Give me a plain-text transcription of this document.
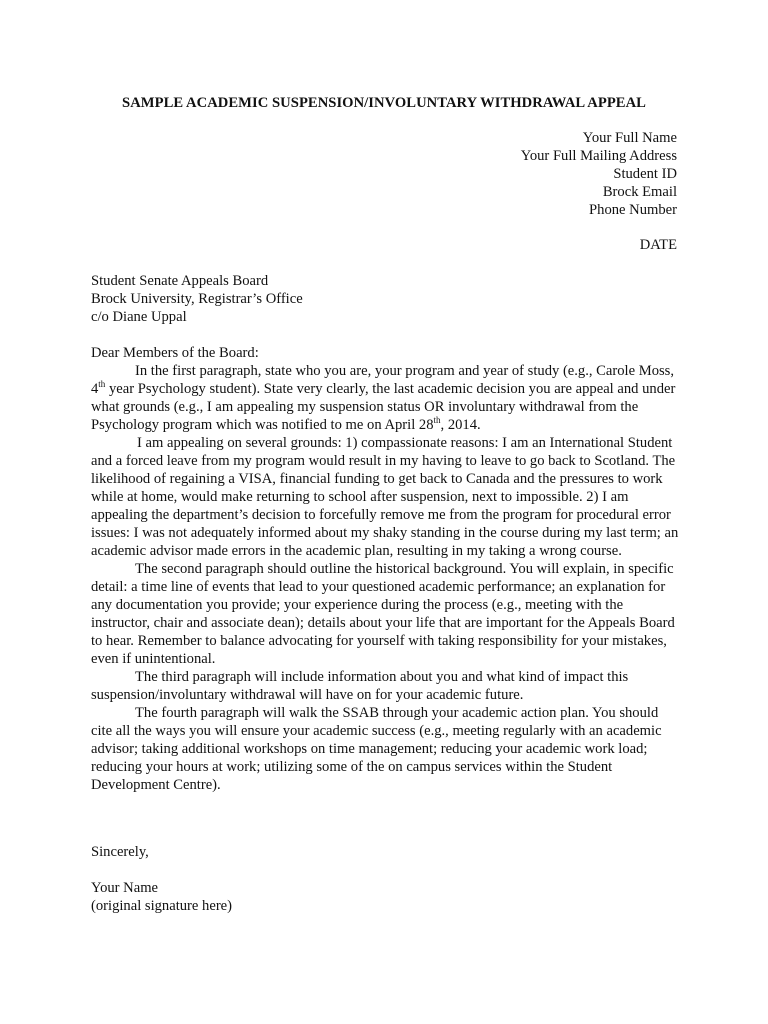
SAMPLE ACADEMIC SUSPENSION/INVOLUNTARY WITHDRAWAL APPEAL
Your Full Name
Your Full Mailing Address
Student ID
Brock Email
Phone Number
DATE
Student Senate Appeals Board
Brock University, Registrar’s Office
c/o Diane Uppal
Dear Members of the Board:

In the first paragraph, state who you are, your program and year of study (e.g., Carole Moss, 4th year Psychology student). State very clearly, the last academic decision you are appeal and under what grounds (e.g., I am appealing my suspension status OR involuntary withdrawal from the Psychology program which was notified to me on April 28th, 2014.

I am appealing on several grounds: 1) compassionate reasons: I am an International Student and a forced leave from my program would result in my having to leave to go back to Scotland. The likelihood of regaining a VISA, financial funding to get back to Canada and the pressures to work while at home, would make returning to school after suspension, next to impossible. 2) I am appealing the department’s decision to forcefully remove me from the program for procedural error issues: I was not adequately informed about my shaky standing in the course during my last term; an academic advisor made errors in the academic plan, resulting in my taking a wrong course.

The second paragraph should outline the historical background. You will explain, in specific detail: a time line of events that lead to your questioned academic performance; an explanation for any documentation you provide; your experience during the process (e.g., meeting with the instructor, chair and associate dean); details about your life that are important for the Appeals Board to hear. Remember to balance advocating for yourself with taking responsibility for your mistakes, even if unintentional.

The third paragraph will include information about you and what kind of impact this suspension/involuntary withdrawal will have on for your academic future.

The fourth paragraph will walk the SSAB through your academic action plan. You should cite all the ways you will ensure your academic success (e.g., meeting regularly with an academic advisor; taking additional workshops on time management; reducing your academic work load; reducing your hours at work; utilizing some of the on campus services within the Student Development Centre).

Sincerely,
Your Name
(original signature here)
